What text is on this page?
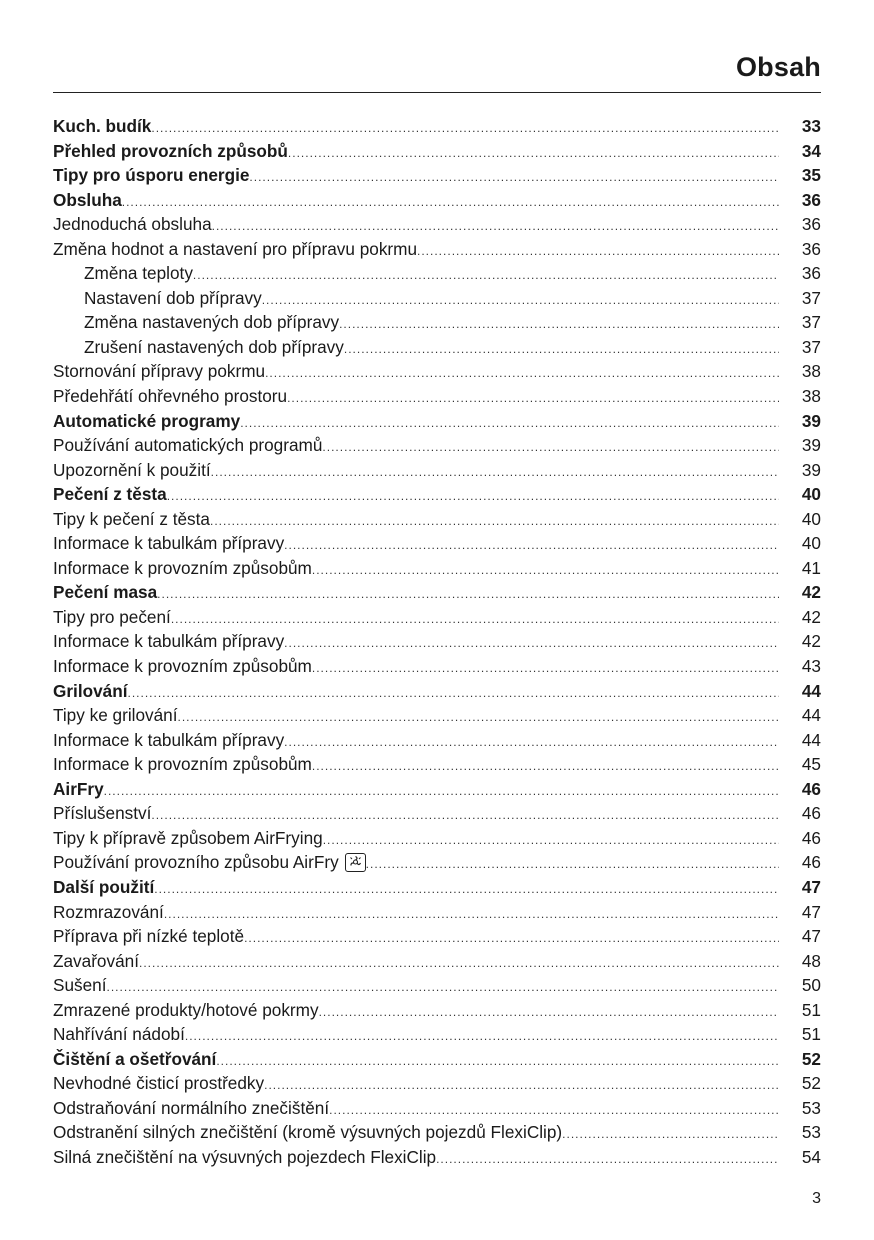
Obsah
Kuch. budík .....	33
Přehled provozních způsobů .....	34
Tipy pro úsporu energie .....	35
Obsluha .....	36
Jednoduchá obsluha .....	36
Změna hodnot a nastavení pro přípravu pokrmu .....	36
Změna teploty .....	36
Nastavení dob přípravy .....	37
Změna nastavených dob přípravy .....	37
Zrušení nastavených dob přípravy .....	37
Stornování přípravy pokrmu .....	38
Předehřátí ohřevného prostoru .....	38
Automatické programy .....	39
Používání automatických programů .....	39
Upozornění k použití .....	39
Pečení z těsta .....	40
Tipy k pečení z těsta .....	40
Informace k tabulkám přípravy .....	40
Informace k provozním způsobům .....	41
Pečení masa .....	42
Tipy pro pečení .....	42
Informace k tabulkám přípravy .....	42
Informace k provozním způsobům .....	43
Grilování .....	44
Tipy ke grilování .....	44
Informace k tabulkám přípravy .....	44
Informace k provozním způsobům .....	45
AirFry .....	46
Příslušenství .....	46
Tipy k přípravě způsobem AirFrying .....	46
Používání provozního způsobu AirFry .....	46
Další použití .....	47
Rozmrazování .....	47
Příprava při nízké teplotě .....	47
Zavařování .....	48
Sušení .....	50
Zmrazené produkty/hotové pokrmy .....	51
Nahřívání nádobí .....	51
Čištění a ošetřování .....	52
Nevhodné čisticí prostředky .....	52
Odstraňování normálního znečištění .....	53
Odstranění silných znečištění (kromě výsuvných pojezdů FlexiClip) .....	53
Silná znečištění na výsuvných pojezdech FlexiClip .....	54
3
